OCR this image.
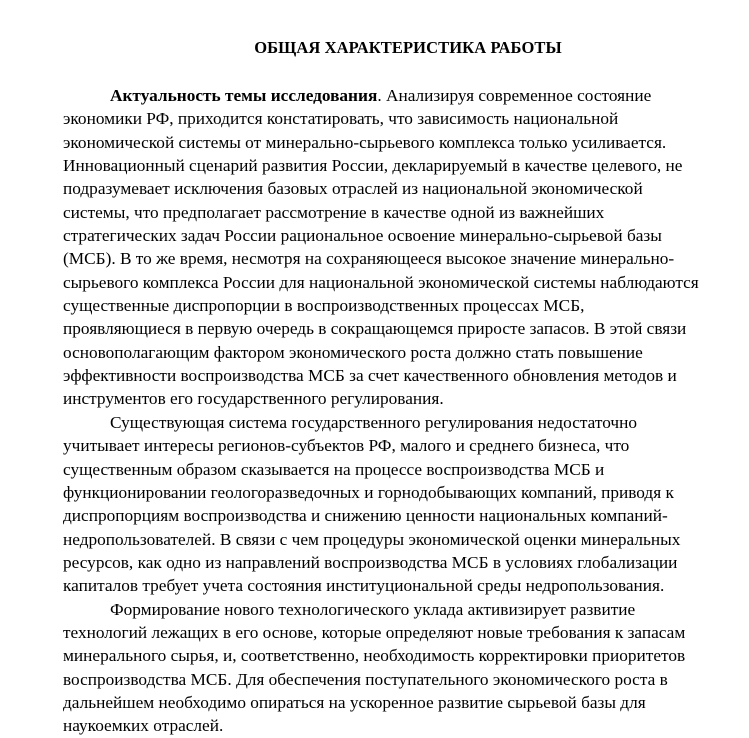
ОБЩАЯ ХАРАКТЕРИСТИКА РАБОТЫ
Актуальность темы исследования. Анализируя современное состояние
экономики РФ, приходится констатировать, что зависимость национальной
экономической системы от минерально-сырьевого комплекса только усиливается.
Инновационный сценарий развития России, декларируемый в качестве целевого, не
подразумевает исключения базовых отраслей из национальной экономической
системы, что предполагает рассмотрение в качестве одной из важнейших
стратегических задач России рациональное освоение минерально-сырьевой базы
(МСБ). В то же время, несмотря на сохраняющееся высокое значение минерально-
сырьевого комплекса России для национальной экономической системы наблюдаются
существенные диспропорции в воспроизводственных процессах МСБ,
проявляющиеся в первую очередь в сокращающемся приросте запасов. В этой связи
основополагающим фактором экономического роста должно стать повышение
эффективности воспроизводства МСБ за счет качественного обновления методов и
инструментов его государственного регулирования.
Существующая система государственного регулирования недостаточно
учитывает интересы регионов-субъектов РФ, малого и среднего бизнеса, что
существенным образом сказывается на процессе воспроизводства МСБ и
функционировании геологоразведочных и горнодобывающих компаний, приводя к
диспропорциям воспроизводства и снижению ценности национальных компаний-
недропользователей. В связи с чем процедуры экономической оценки минеральных
ресурсов, как одно из направлений воспроизводства МСБ в условиях глобализации
капиталов требует учета состояния институциональной среды недропользования.
Формирование нового технологического уклада активизирует развитие
технологий лежащих в его основе, которые определяют новые требования к запасам
минерального сырья, и, соответственно, необходимость корректировки приоритетов
воспроизводства МСБ. Для обеспечения поступательного экономического роста в
дальнейшем необходимо опираться на ускоренное развитие сырьевой базы для
наукоемких отраслей.
